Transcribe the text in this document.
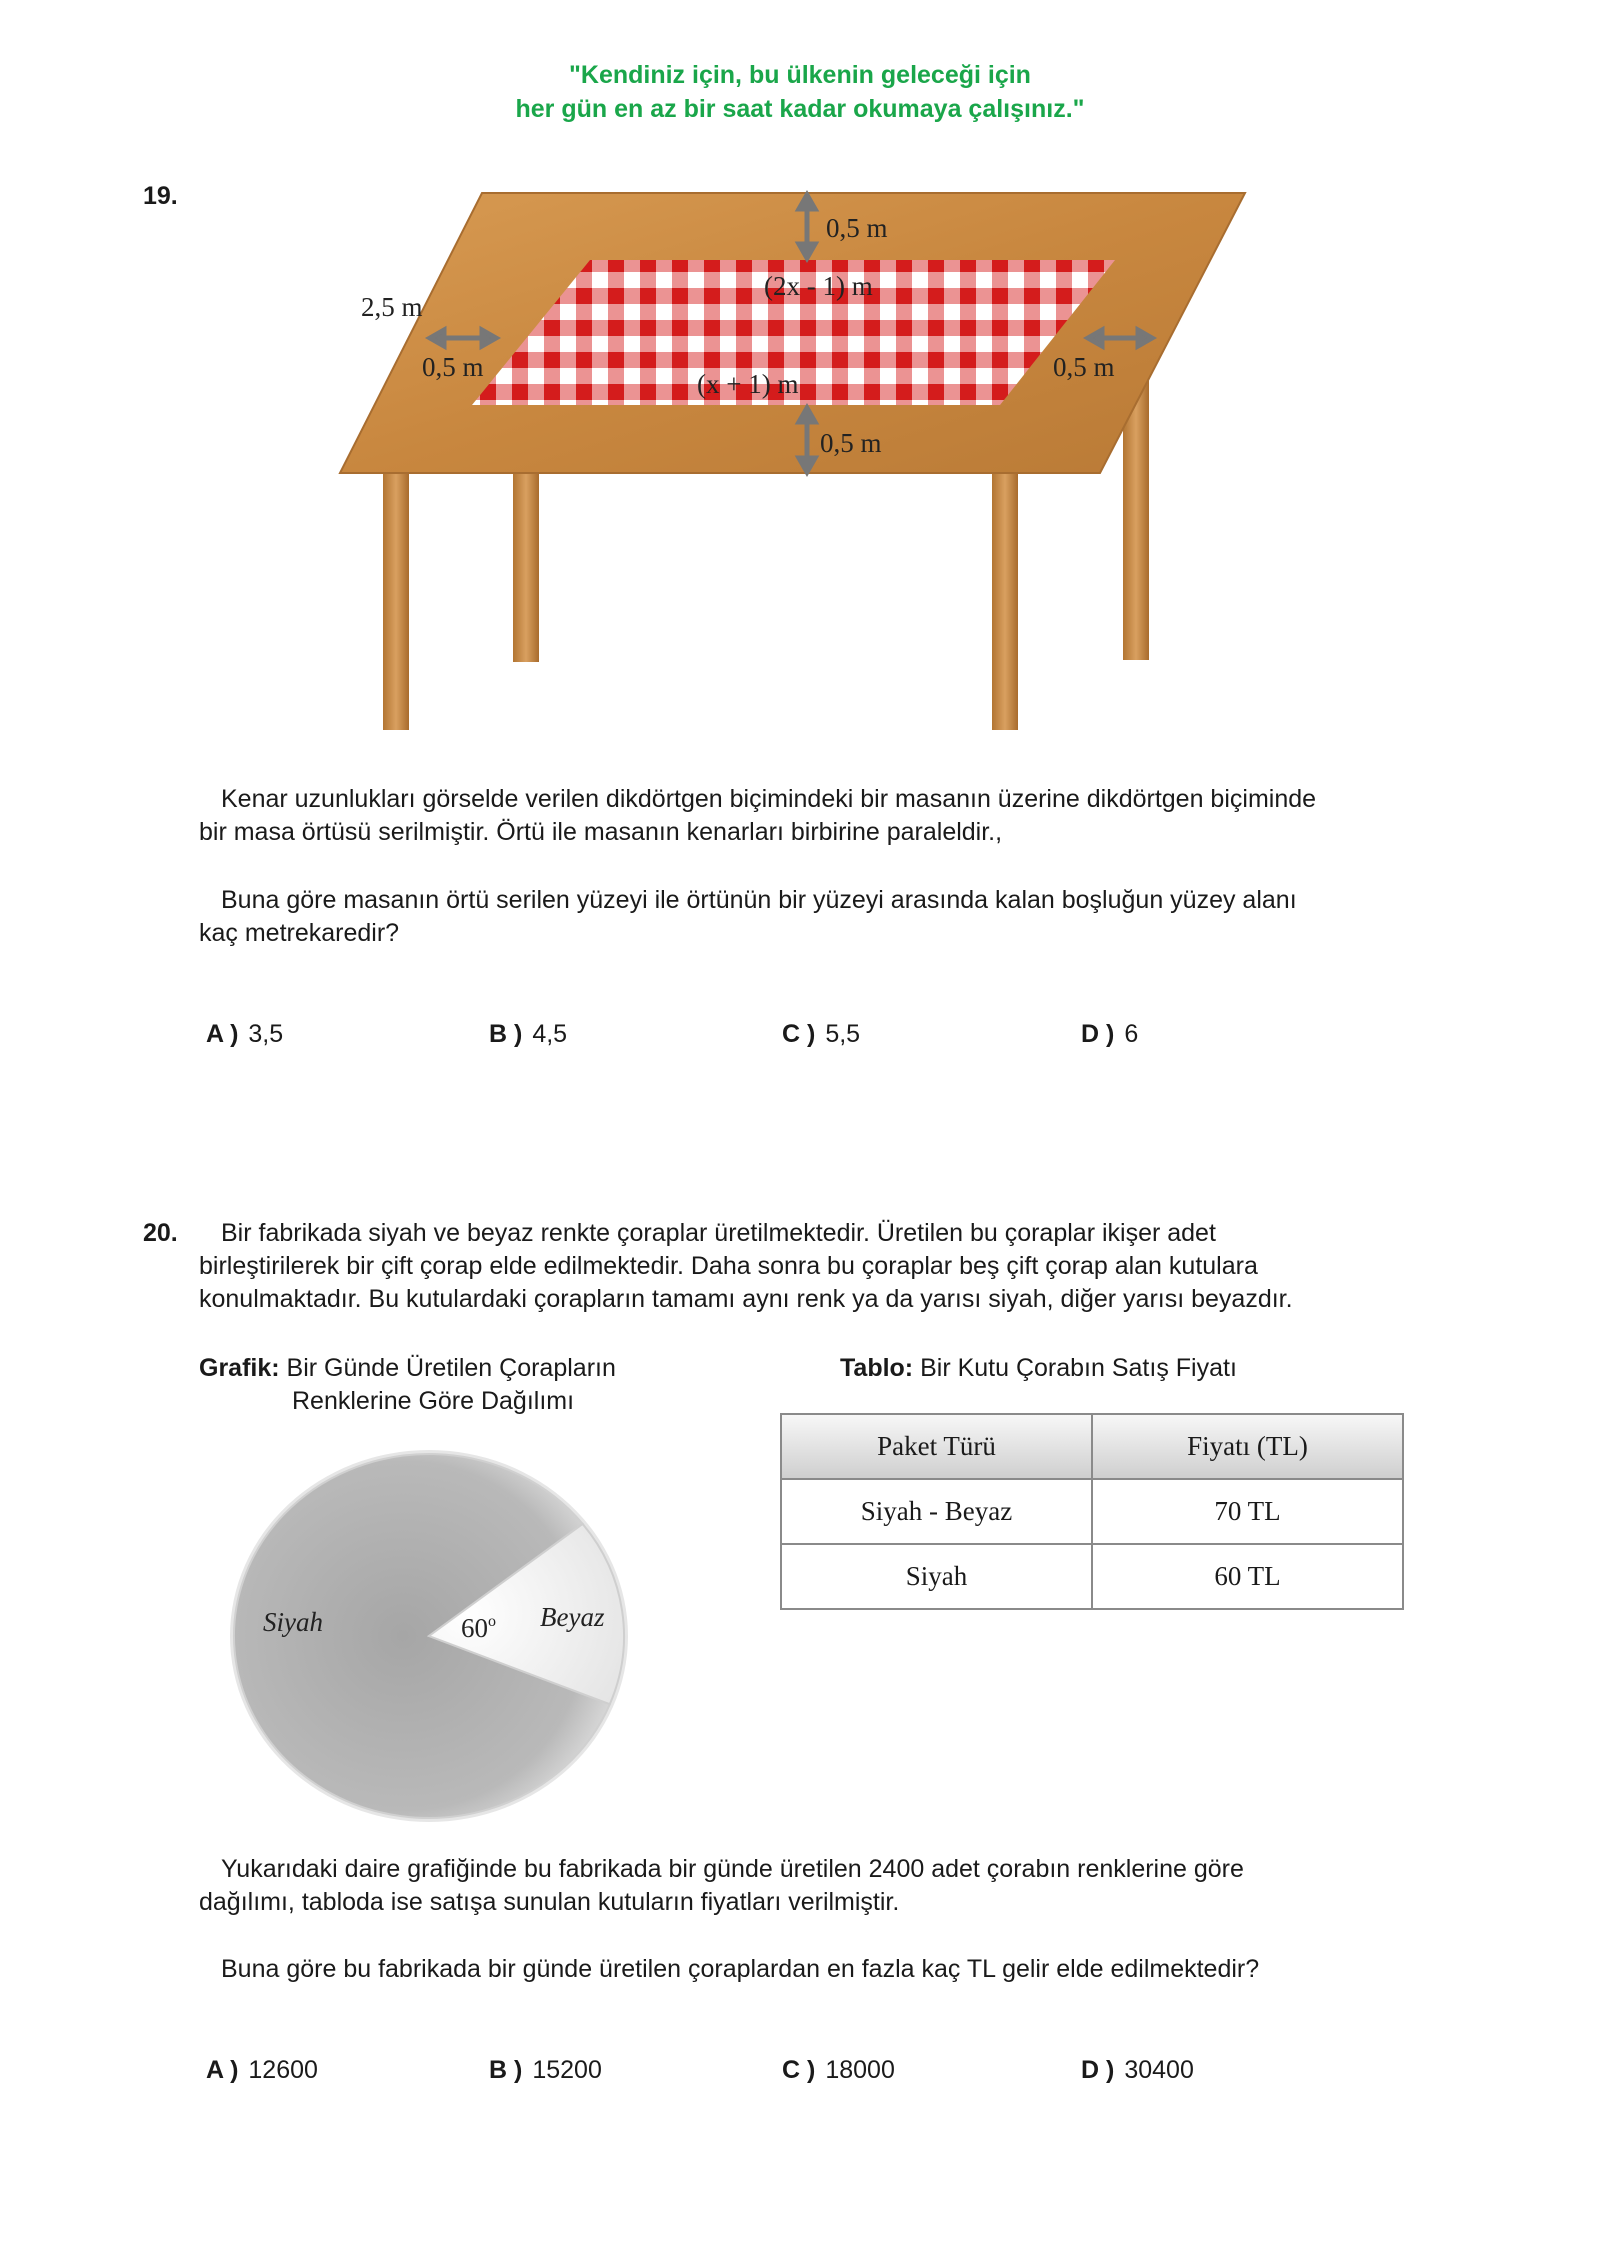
"Kendiniz için, bu ülkenin geleceği için
her gün en az bir saat kadar okumaya çalışınız."
19.
0,5 m
(2x - 1) m
2,5 m
0,5 m	0,5 m
(x + 1) m
0,5 m
Kenar uzunlukları görselde verilen dikdörtgen biçimindeki bir masanın üzerine dikdörtgen biçiminde
bir masa örtüsü serilmiştir. Örtü ile masanın kenarları birbirine paraleldir.,
Buna göre masanın örtü serilen yüzeyi ile örtünün bir yüzeyi arasında kalan boşluğun yüzey alanı
kaç metrekaredir?
A ) 3,5	B ) 4,5	C ) 5,5	D ) 6
20.	Bir fabrikada siyah ve beyaz renkte çoraplar üretilmektedir. Üretilen bu çoraplar ikişer adet
birleştirilerek bir çift çorap elde edilmektedir. Daha sonra bu çoraplar beş çift çorap alan kutulara
konulmaktadır. Bu kutulardaki çorapların tamamı aynı renk ya da yarısı siyah, diğer yarısı beyazdır.
Grafik: Bir Günde Üretilen Çorapların
Renklerine Göre Dağılımı
Tablo: Bir Kutu Çorabın Satış Fiyatı
Siyah	Beyaz
60$^o$
Paket Türü	Fiyatı (TL)
Siyah - Beyaz	70 TL
Siyah	60 TL
Yukarıdaki daire grafiğinde bu fabrikada bir günde üretilen 2400 adet çorabın renklerine göre
dağılımı, tabloda ise satışa sunulan kutuların fiyatları verilmiştir.
Buna göre bu fabrikada bir günde üretilen çoraplardan en fazla kaç TL gelir elde edilmektedir?
A ) 12600	B ) 15200	C ) 18000	D ) 30400
